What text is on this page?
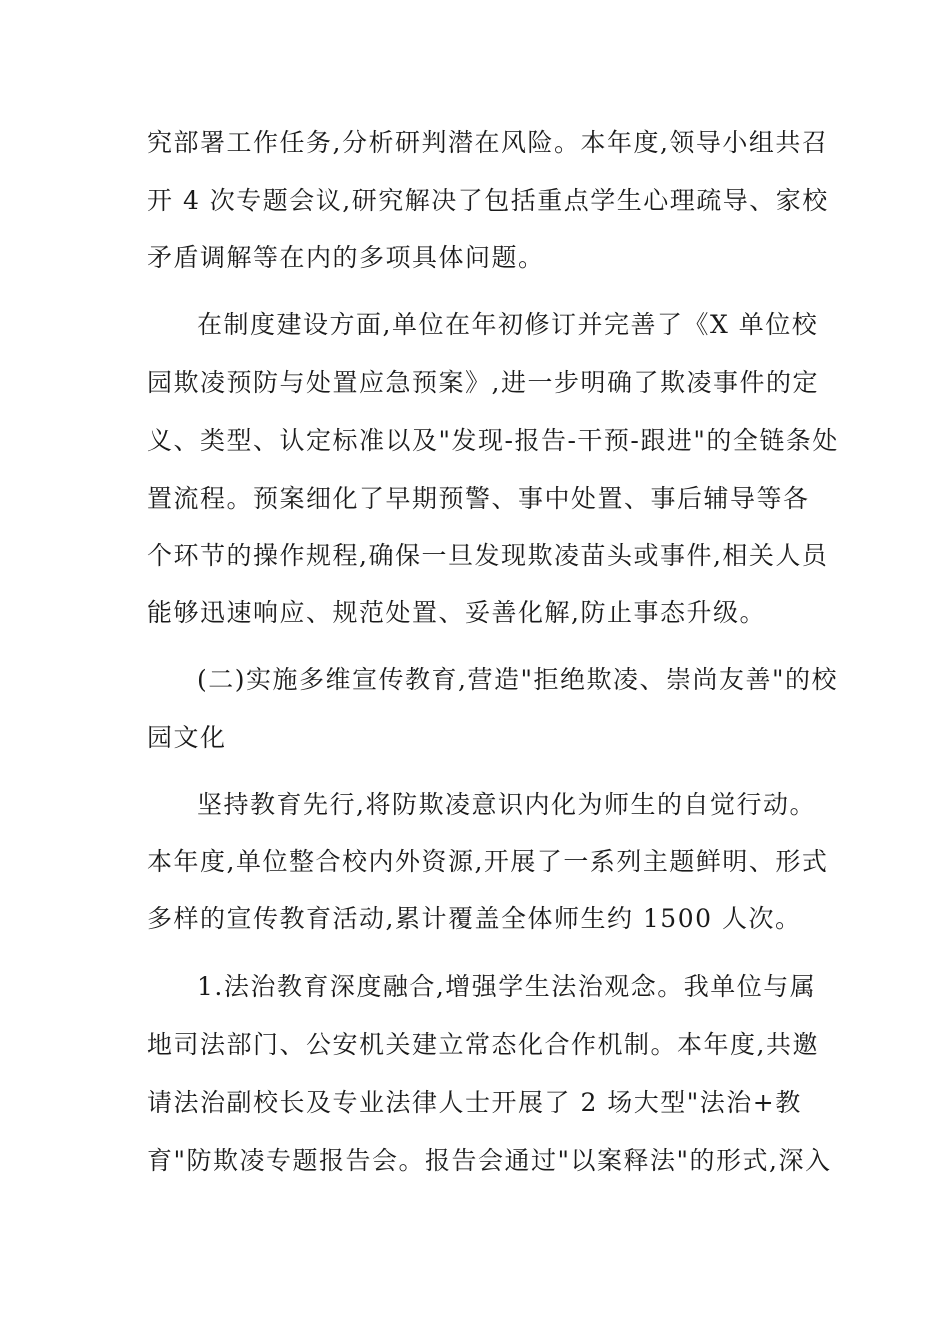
究部署工作任务,分析研判潜在风险。本年度,领导小组共召
开 4 次专题会议,研究解决了包括重点学生心理疏导、家校
矛盾调解等在内的多项具体问题。
在制度建设方面,单位在年初修订并完善了《X 单位校
园欺凌预防与处置应急预案》,进一步明确了欺凌事件的定
义、类型、认定标准以及"发现-报告-干预-跟进"的全链条处
置流程。预案细化了早期预警、事中处置、事后辅导等各
个环节的操作规程,确保一旦发现欺凌苗头或事件,相关人员
能够迅速响应、规范处置、妥善化解,防止事态升级。
(二)实施多维宣传教育,营造"拒绝欺凌、崇尚友善"的校
园文化
坚持教育先行,将防欺凌意识内化为师生的自觉行动。
本年度,单位整合校内外资源,开展了一系列主题鲜明、形式
多样的宣传教育活动,累计覆盖全体师生约 1500 人次。
1.法治教育深度融合,增强学生法治观念。我单位与属
地司法部门、公安机关建立常态化合作机制。本年度,共邀
请法治副校长及专业法律人士开展了 2 场大型"法治+教
育"防欺凌专题报告会。报告会通过"以案释法"的形式,深入
